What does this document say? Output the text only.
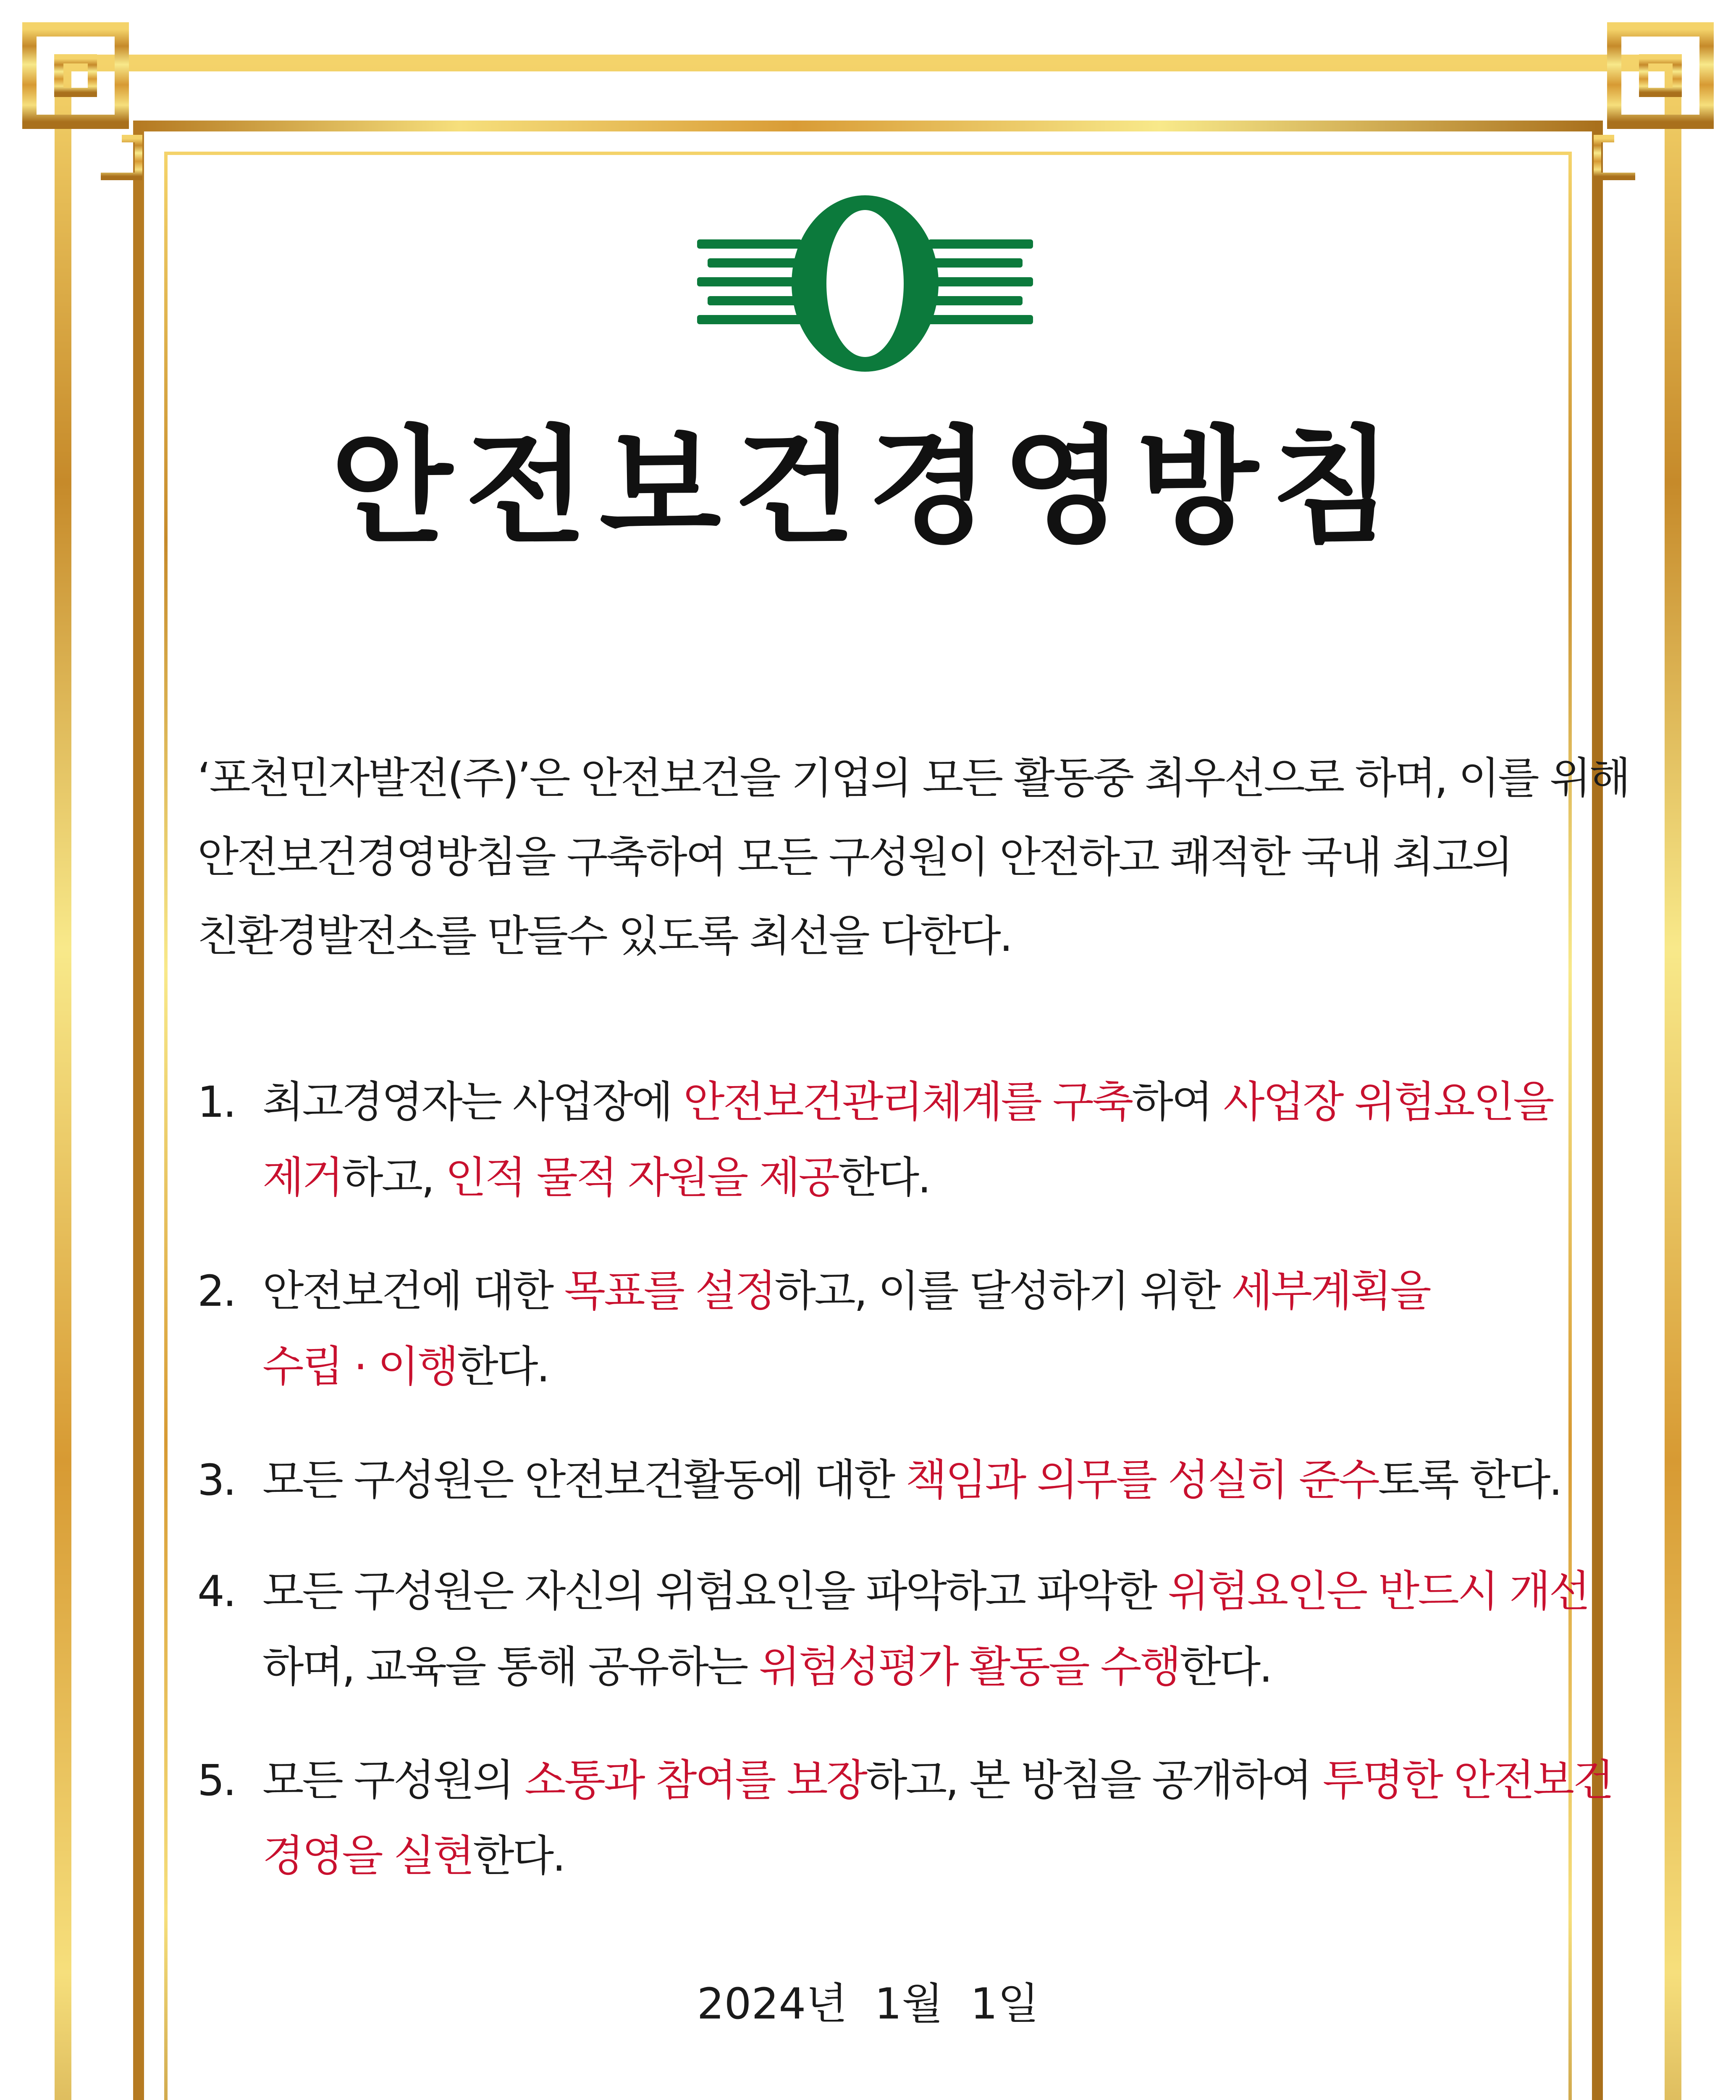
안전보건경영방침
‘포천민자발전(주)’은 안전보건을 기업의 모든 활동중 최우선으로 하며, 이를 위해
안전보건경영방침을 구축하여 모든 구성원이 안전하고 쾌적한 국내 최고의
친환경발전소를 만들수 있도록 최선을 다한다.
1. 최고경영자는 사업장에 안전보건관리체계를 구축하여 사업장 위험요인을
제거하고, 인적 물적 자원을 제공한다.
2. 안전보건에 대한 목표를 설정하고, 이를 달성하기 위한 세부계획을
수립 · 이행한다.
3. 모든 구성원은 안전보건활동에 대한 책임과 의무를 성실히 준수토록 한다.
4. 모든 구성원은 자신의 위험요인을 파악하고 파악한 위험요인은 반드시 개선
하며, 교육을 통해 공유하는 위험성평가 활동을 수행한다.
5. 모든 구성원의 소통과 참여를 보장하고, 본 방침을 공개하여 투명한 안전보건
경영을 실현한다.
2024년  1월  1일
